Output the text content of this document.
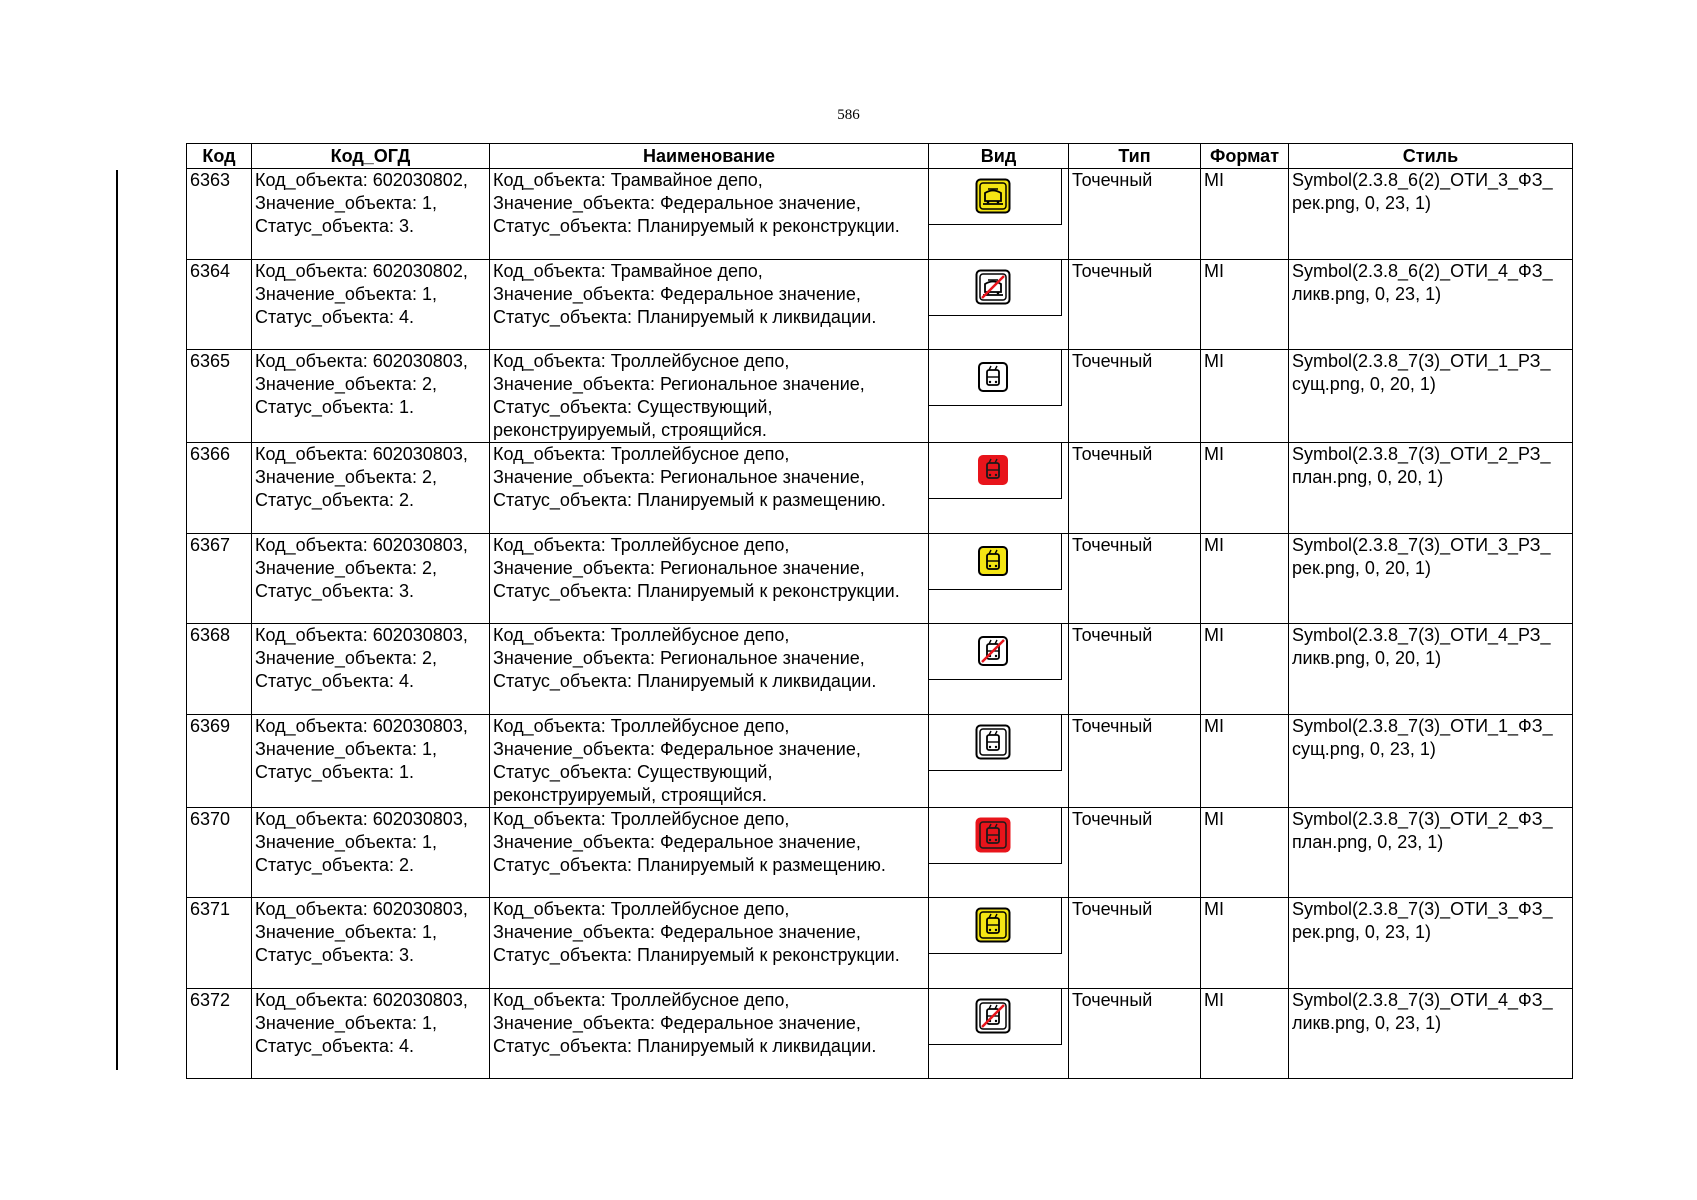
586
Код	Код_ОГД	Наименование	Вид	Тип	Формат	Стиль
6363	Код_объекта: 602030802,
Значение_объекта: 1,
Статус_объекта: 3.	Код_объекта: Трамвайное депо,
Значение_объекта: Федеральное значение,
Статус_объекта: Планируемый к реконструкции.		Точечный	MI	Symbol(2.3.8_6(2)_ОТИ_3_ФЗ_
рек.png, 0, 23, 1)

6364	Код_объекта: 602030802,
Значение_объекта: 1,
Статус_объекта: 4.	Код_объекта: Трамвайное депо,
Значение_объекта: Федеральное значение,
Статус_объекта: Планируемый к ликвидации.		Точечный	MI	Symbol(2.3.8_6(2)_ОТИ_4_ФЗ_
ликв.png, 0, 23, 1)

6365	Код_объекта: 602030803,
Значение_объекта: 2,
Статус_объекта: 1.	Код_объекта: Троллейбусное депо,
Значение_объекта: Региональное значение,
Статус_объекта: Существующий,
реконструируемый, строящийся.		Точечный	MI	Symbol(2.3.8_7(3)_ОТИ_1_РЗ_
сущ.png, 0, 20, 1)

6366	Код_объекта: 602030803,
Значение_объекта: 2,
Статус_объекта: 2.	Код_объекта: Троллейбусное депо,
Значение_объекта: Региональное значение,
Статус_объекта: Планируемый к размещению.		Точечный	MI	Symbol(2.3.8_7(3)_ОТИ_2_РЗ_
план.png, 0, 20, 1)

6367	Код_объекта: 602030803,
Значение_объекта: 2,
Статус_объекта: 3.	Код_объекта: Троллейбусное депо,
Значение_объекта: Региональное значение,
Статус_объекта: Планируемый к реконструкции.		Точечный	MI	Symbol(2.3.8_7(3)_ОТИ_3_РЗ_
рек.png, 0, 20, 1)

6368	Код_объекта: 602030803,
Значение_объекта: 2,
Статус_объекта: 4.	Код_объекта: Троллейбусное депо,
Значение_объекта: Региональное значение,
Статус_объекта: Планируемый к ликвидации.		Точечный	MI	Symbol(2.3.8_7(3)_ОТИ_4_РЗ_
ликв.png, 0, 20, 1)

6369	Код_объекта: 602030803,
Значение_объекта: 1,
Статус_объекта: 1.	Код_объекта: Троллейбусное депо,
Значение_объекта: Федеральное значение,
Статус_объекта: Существующий,
реконструируемый, строящийся.		Точечный	MI	Symbol(2.3.8_7(3)_ОТИ_1_ФЗ_
сущ.png, 0, 23, 1)

6370	Код_объекта: 602030803,
Значение_объекта: 1,
Статус_объекта: 2.	Код_объекта: Троллейбусное депо,
Значение_объекта: Федеральное значение,
Статус_объекта: Планируемый к размещению.		Точечный	MI	Symbol(2.3.8_7(3)_ОТИ_2_ФЗ_
план.png, 0, 23, 1)

6371	Код_объекта: 602030803,
Значение_объекта: 1,
Статус_объекта: 3.	Код_объекта: Троллейбусное депо,
Значение_объекта: Федеральное значение,
Статус_объекта: Планируемый к реконструкции.		Точечный	MI	Symbol(2.3.8_7(3)_ОТИ_3_ФЗ_
рек.png, 0, 23, 1)

6372	Код_объекта: 602030803,
Значение_объекта: 1,
Статус_объекта: 4.	Код_объекта: Троллейбусное депо,
Значение_объекта: Федеральное значение,
Статус_объекта: Планируемый к ликвидации.		Точечный	MI	Symbol(2.3.8_7(3)_ОТИ_4_ФЗ_
ликв.png, 0, 23, 1)
